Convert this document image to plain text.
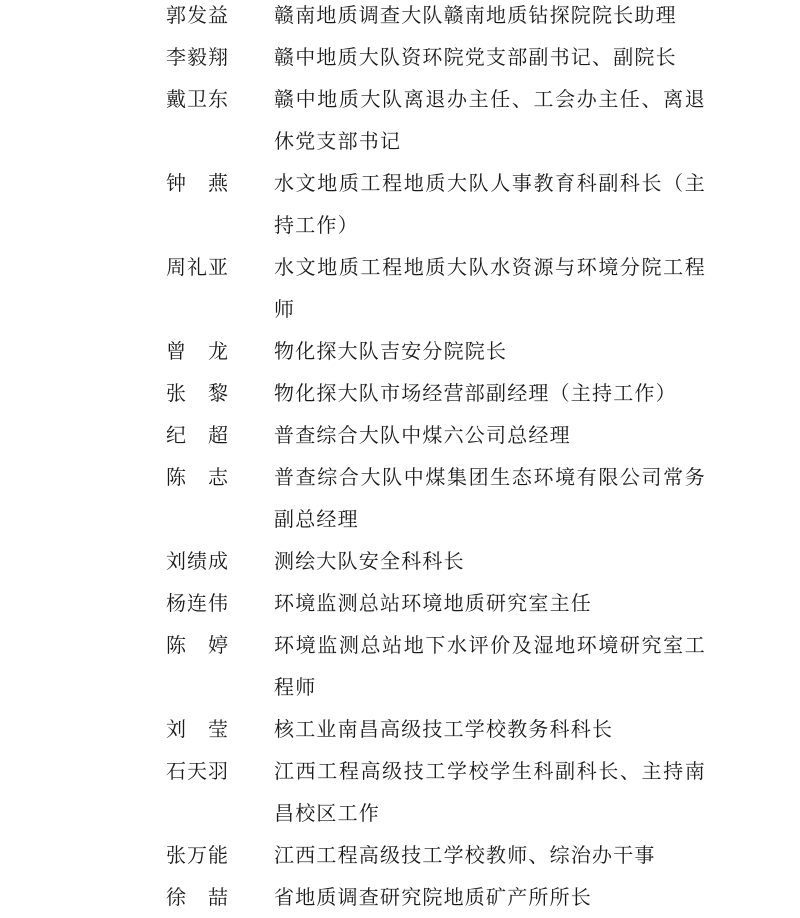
郭发益	赣南地质调查大队赣南地质钻探院院长助理
李毅翔	赣中地质大队资环院党支部副书记、副院长
戴卫东	赣中地质大队离退办主任、工会办主任、离退休党支部书记
钟燕	水文地质工程地质大队人事教育科副科长（主持工作）
周礼亚	水文地质工程地质大队水资源与环境分院工程师
曾龙	物化探大队吉安分院院长
张黎	物化探大队市场经营部副经理（主持工作）
纪超	普查综合大队中煤六公司总经理
陈志	普查综合大队中煤集团生态环境有限公司常务副总经理
刘绩成	测绘大队安全科科长
杨连伟	环境监测总站环境地质研究室主任
陈婷	环境监测总站地下水评价及湿地环境研究室工程师
刘莹	核工业南昌高级技工学校教务科科长
石天羽	江西工程高级技工学校学生科副科长、主持南昌校区工作
张万能	江西工程高级技工学校教师、综治办干事
徐喆	省地质调查研究院地质矿产所所长
